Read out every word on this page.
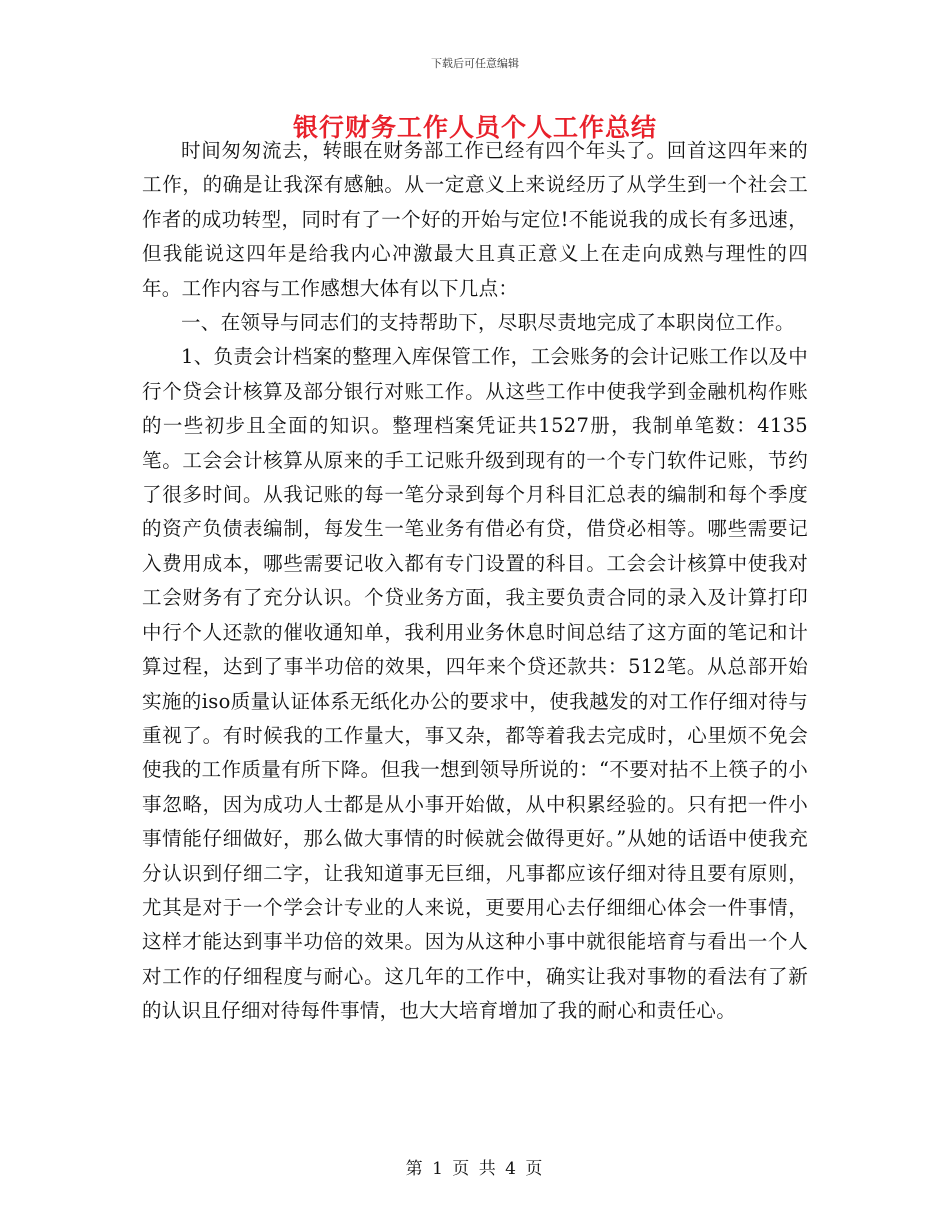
下载后可任意编辑
银行财务工作人员个人工作总结

时间匆匆流去，转眼在财务部工作已经有四个年头了。回首这四年来的工作，的确是让我深有感触。从一定意义上来说经历了从学生到一个社会工作者的成功转型，同时有了一个好的开始与定位!不能说我的成长有多迅速，但我能说这四年是给我内心冲激最大且真正意义上在走向成熟与理性的四年。工作内容与工作感想大体有以下几点：

一、在领导与同志们的支持帮助下，尽职尽责地完成了本职岗位工作。

1、负责会计档案的整理入库保管工作，工会账务的会计记账工作以及中行个贷会计核算及部分银行对账工作。从这些工作中使我学到金融机构作账的一些初步且全面的知识。整理档案凭证共1527册，我制单笔数：4135笔。工会会计核算从原来的手工记账升级到现有的一个专门软件记账，节约了很多时间。从我记账的每一笔分录到每个月科目汇总表的编制和每个季度的资产负债表编制，每发生一笔业务有借必有贷，借贷必相等。哪些需要记入费用成本，哪些需要记收入都有专门设置的科目。工会会计核算中使我对工会财务有了充分认识。个贷业务方面，我主要负责合同的录入及计算打印中行个人还款的催收通知单，我利用业务休息时间总结了这方面的笔记和计算过程，达到了事半功倍的效果，四年来个贷还款共：512笔。从总部开始实施的iso质量认证体系无纸化办公的要求中，使我越发的对工作仔细对待与重视了。有时候我的工作量大，事又杂，都等着我去完成时，心里烦不免会使我的工作质量有所下降。但我一想到领导所说的：“不要对拈不上筷子的小事忽略，因为成功人士都是从小事开始做，从中积累经验的。只有把一件小事情能仔细做好，那么做大事情的时候就会做得更好。”从她的话语中使我充分认识到仔细二字，让我知道事无巨细，凡事都应该仔细对待且要有原则，尤其是对于一个学会计专业的人来说，更要用心去仔细细心体会一件事情，这样才能达到事半功倍的效果。因为从这种小事中就很能培育与看出一个人对工作的仔细程度与耐心。这几年的工作中，确实让我对事物的看法有了新的认识且仔细对待每件事情，也大大培育增加了我的耐心和责任心。

第 1 页 共 4 页
